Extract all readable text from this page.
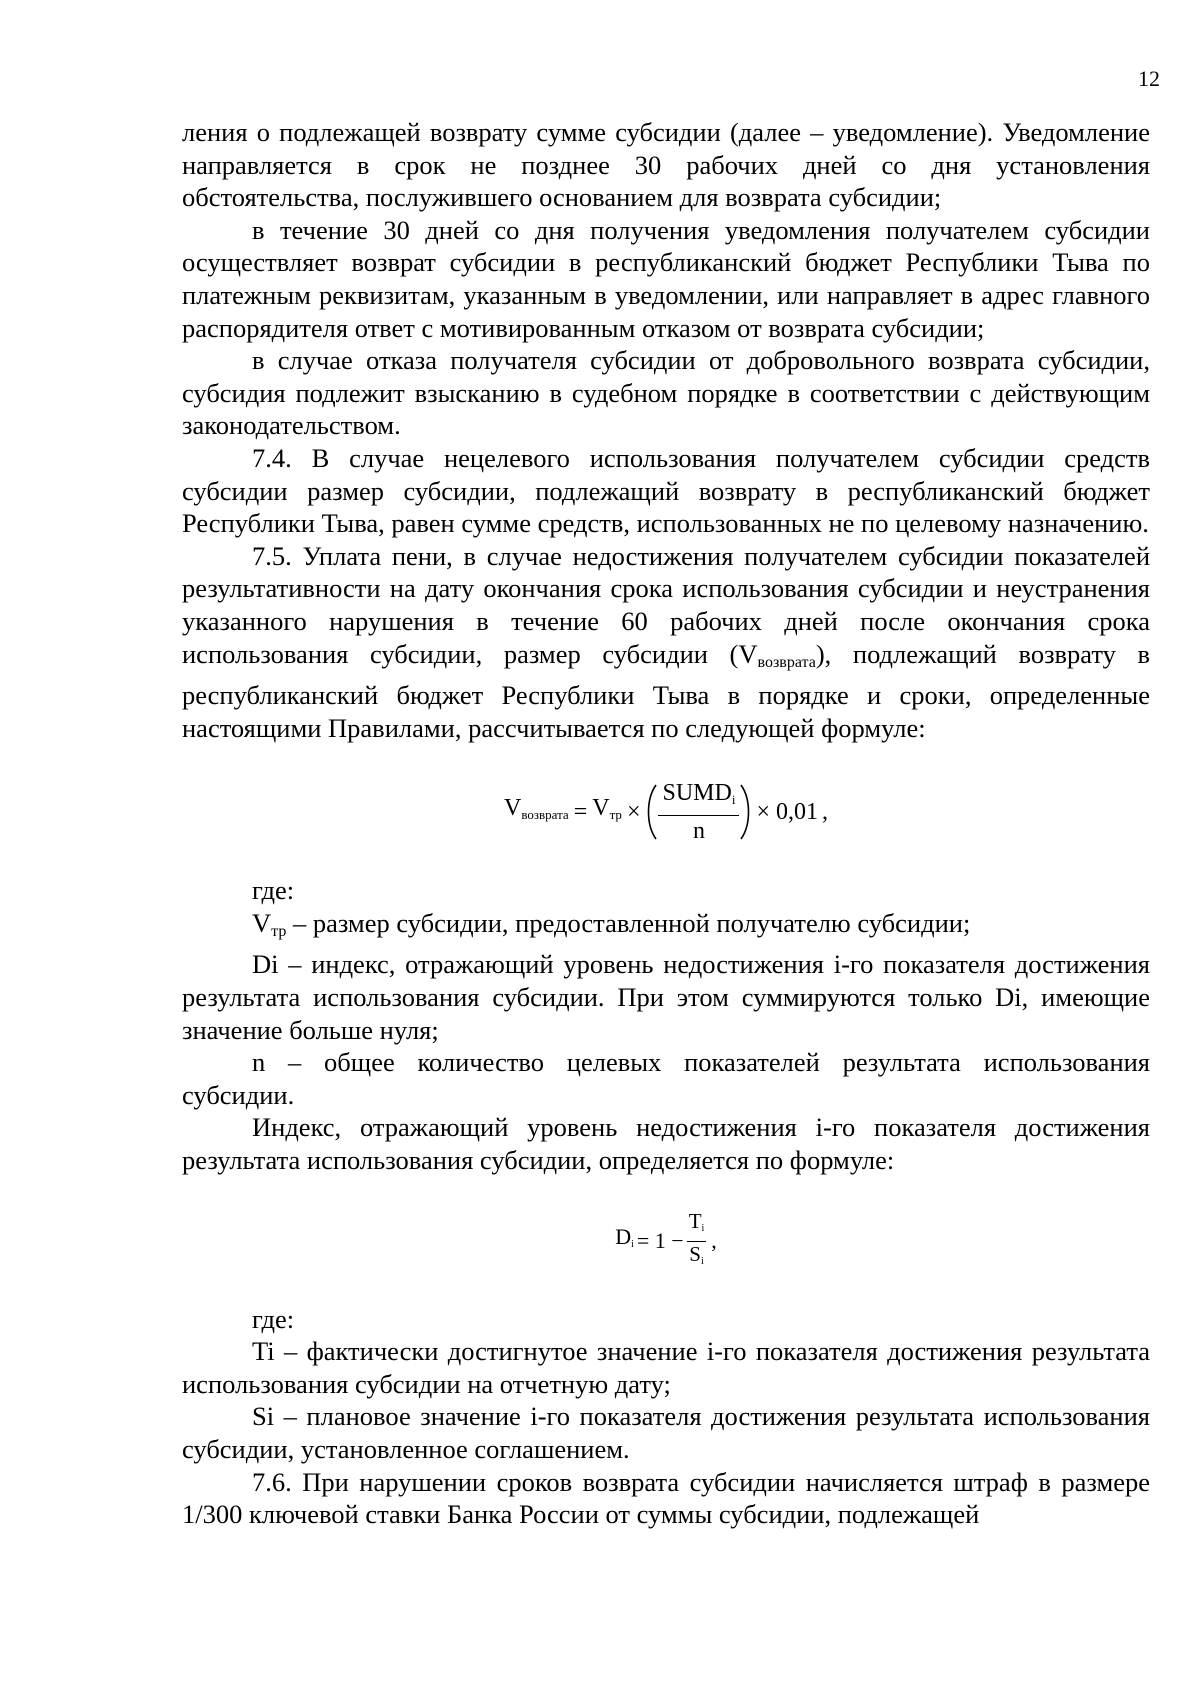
12

ления о подлежащей возврату сумме субсидии (далее – уведомление). Уведомление направляется в срок не позднее 30 рабочих дней со дня установления обстоятельства, послужившего основанием для возврата субсидии;

в течение 30 дней со дня получения уведомления получателем субсидии осуществляет возврат субсидии в республиканский бюджет Республики Тыва по платежным реквизитам, указанным в уведомлении, или направляет в адрес главного распорядителя ответ с мотивированным отказом от возврата субсидии;

в случае отказа получателя субсидии от добровольного возврата субсидии, субсидия подлежит взысканию в судебном порядке в соответствии с действующим законодательством.

7.4. В случае нецелевого использования получателем субсидии средств субсидии размер субсидии, подлежащий возврату в республиканский бюджет Республики Тыва, равен сумме средств, использованных не по целевому назначению.

7.5. Уплата пени, в случае недостижения получателем субсидии показателей результативности на дату окончания срока использования субсидии и неустранения указанного нарушения в течение 60 рабочих дней после окончания срока использования субсидии, размер субсидии (Vвозврата), подлежащий возврату в республиканский бюджет Республики Тыва в порядке и сроки, определенные настоящими Правилами, рассчитывается по следующей формуле:

$V_{возврата} = V_{тр} \times \frac{SUMD_i}{n} \times 0,01$ ,

где:

Vтр – размер субсидии, предоставленной получателю субсидии;

Di – индекс, отражающий уровень недостижения i-го показателя достижения результата использования субсидии. При этом суммируются только Di, имеющие значение больше нуля;

n – общее количество целевых показателей результата использования субсидии.

Индекс, отражающий уровень недостижения i-го показателя достижения результата использования субсидии, определяется по формуле:

$Di = 1 - \frac{Ti}{Si}$ ,

где:

Ti – фактически достигнутое значение i-го показателя достижения результата использования субсидии на отчетную дату;

Si – плановое значение i-го показателя достижения результата использования субсидии, установленное соглашением.

7.6. При нарушении сроков возврата субсидии начисляется штраф в размере 1/300 ключевой ставки Банка России от суммы субсидии, подлежащей
